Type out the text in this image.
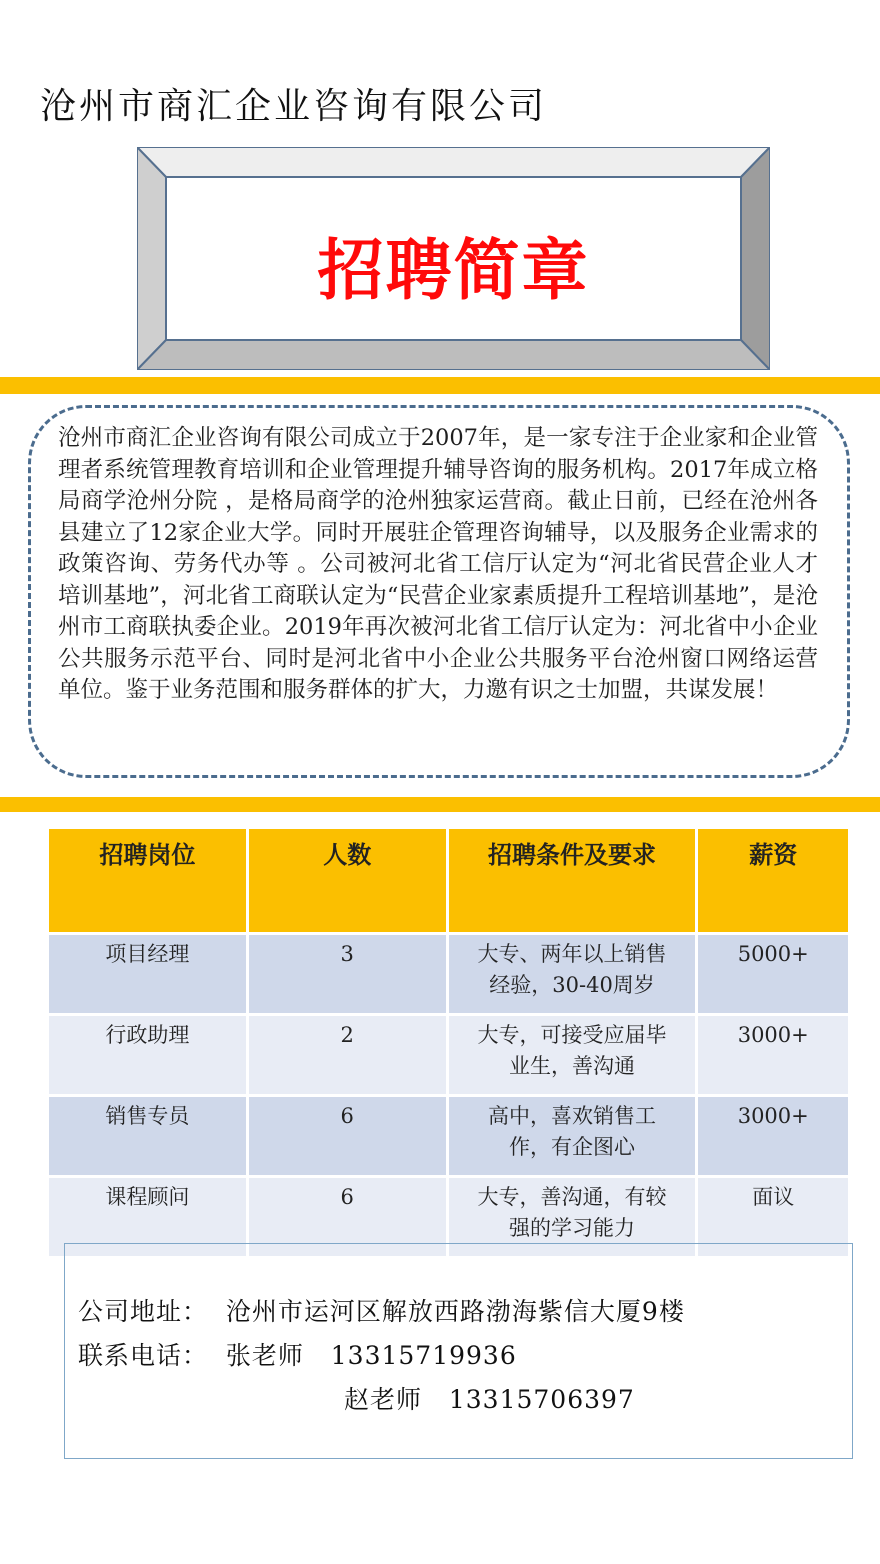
沧州市商汇企业咨询有限公司
招聘简章

沧州市商汇企业咨询有限公司成立于2007年，是一家专注于企业家和企业管理者系统管理教育培训和企业管理提升辅导咨询的服务机构。2017年成立格局商学沧州分院 ，是格局商学的沧州独家运营商。截止日前，已经在沧州各县建立了12家企业大学。同时开展驻企管理咨询辅导，以及服务企业需求的政策咨询、劳务代办等 。公司被河北省工信厅认定为“河北省民营企业人才培训基地”，河北省工商联认定为“民营企业家素质提升工程培训基地”，是沧州市工商联执委企业。2019年再次被河北省工信厅认定为：河北省中小企业公共服务示范平台、同时是河北省中小企业公共服务平台沧州窗口网络运营单位。鉴于业务范围和服务群体的扩大，力邀有识之士加盟，共谋发展！

招聘岗位	人数	招聘条件及要求	薪资
项目经理	3	大专、两年以上销售经验，30-40周岁	5000+
行政助理	2	大专，可接受应届毕业生，善沟通	3000+
销售专员	6	高中，喜欢销售工作，有企图心	3000+
课程顾问	6	大专，善沟通，有较强的学习能力	面议

公司地址： 沧州市运河区解放西路渤海紫信大厦9楼

联系电话： 张老师 13315719936

赵老师 13315706397
